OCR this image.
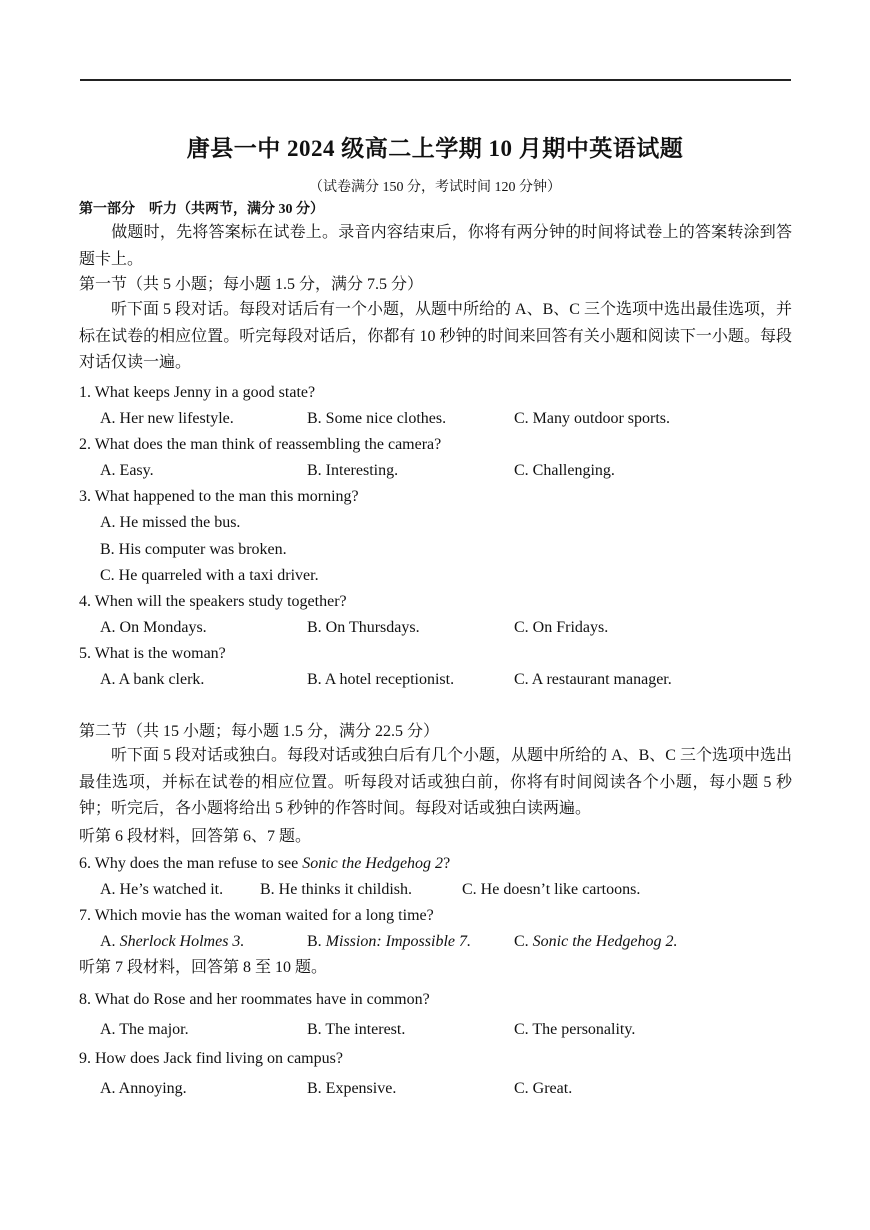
唐县一中 2024 级高二上学期 10 月期中英语试题
（试卷满分 150 分，考试时间 120 分钟）
第一部分　听力（共两节，满分 30 分）
做题时，先将答案标在试卷上。录音内容结束后，你将有两分钟的时间将试卷上的答案转涂到答题卡上。
第一节（共 5 小题；每小题 1.5 分，满分 7.5 分）
听下面 5 段对话。每段对话后有一个小题，从题中所给的 A、B、C 三个选项中选出最佳选项，并标在试卷的相应位置。听完每段对话后，你都有 10 秒钟的时间来回答有关小题和阅读下一小题。每段对话仅读一遍。
1. What keeps Jenny in a good state?
A. Her new lifestyle.	B. Some nice clothes.	C. Many outdoor sports.
2. What does the man think of reassembling the camera?
A. Easy.	B. Interesting.	C. Challenging.
3. What happened to the man this morning?
A. He missed the bus.
B. His computer was broken.
C. He quarreled with a taxi driver.
4. When will the speakers study together?
A. On Mondays.	B. On Thursdays.	C. On Fridays.
5. What is the woman?
A. A bank clerk.	B. A hotel receptionist.	C. A restaurant manager.
第二节（共 15 小题；每小题 1.5 分，满分 22.5 分）
听下面 5 段对话或独白。每段对话或独白后有几个小题，从题中所给的 A、B、C 三个选项中选出最佳选项，并标在试卷的相应位置。听每段对话或独白前，你将有时间阅读各个小题，每小题 5 秒钟；听完后，各小题将给出 5 秒钟的作答时间。每段对话或独白读两遍。
听第 6 段材料，回答第 6、7 题。
6. Why does the man refuse to see Sonic the Hedgehog 2?
A. He’s watched it. B. He thinks it childish.	C. He doesn’t like cartoons.
7. Which movie has the woman waited for a long time?
A. Sherlock Holmes 3.	B. Mission: Impossible 7.	C. Sonic the Hedgehog 2.
听第 7 段材料，回答第 8 至 10 题。
8. What do Rose and her roommates have in common?
A. The major.	B. The interest.	C. The personality.
9. How does Jack find living on campus?
A. Annoying.	B. Expensive.	C. Great.
